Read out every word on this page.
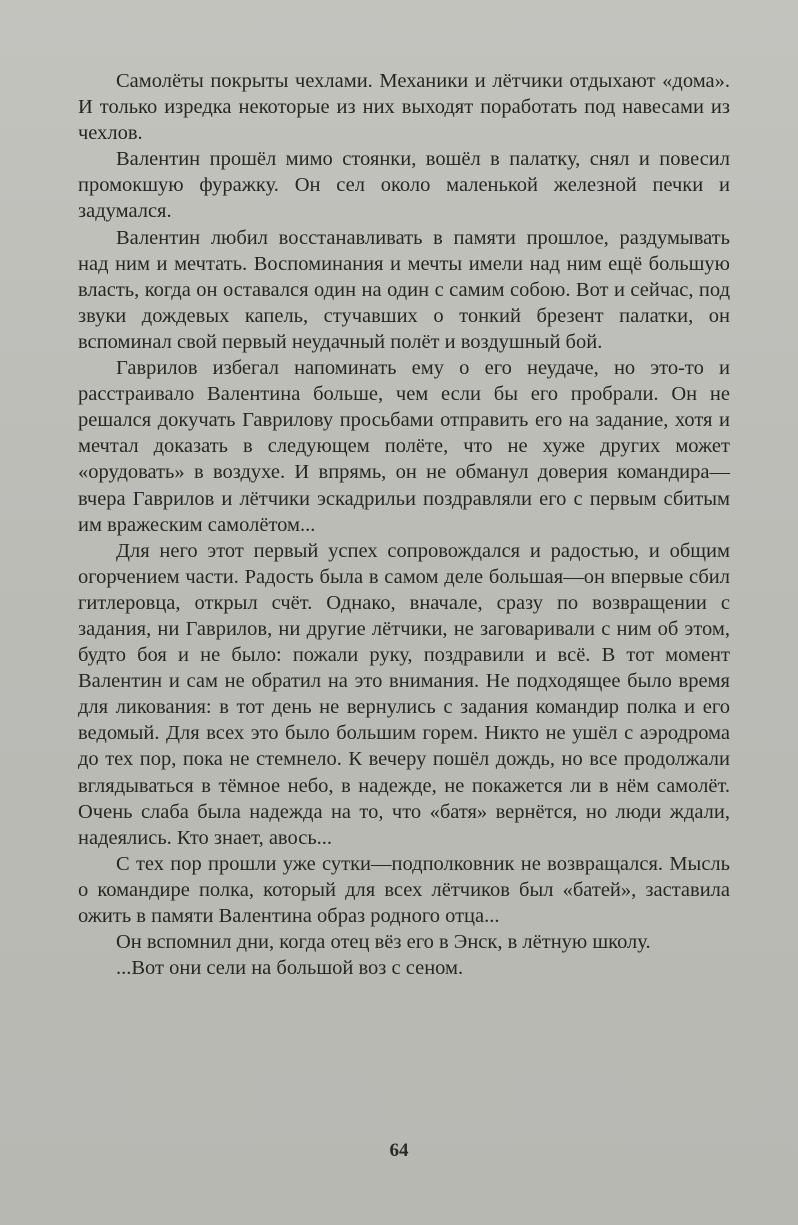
Самолёты покрыты чехлами. Механики и лётчики отдыхают «дома». И только изредка некоторые из них выходят поработать под навесами из чехлов.

Валентин прошёл мимо стоянки, вошёл в палатку, снял и повесил промокшую фуражку. Он сел около маленькой железной печки и задумался.

Валентин любил восстанавливать в памяти прошлое, раздумывать над ним и мечтать. Воспоминания и мечты имели над ним ещё большую власть, когда он оставался один на один с самим собою. Вот и сейчас, под звуки дождевых капель, стучавших о тонкий брезент палатки, он вспоминал свой первый неудачный полёт и воздушный бой.

Гаврилов избегал напоминать ему о его неудаче, но это-то и расстраивало Валентина больше, чем если бы его пробрали. Он не решался докучать Гаврилову просьбами отправить его на задание, хотя и мечтал доказать в следующем полёте, что не хуже других может «орудовать» в воздухе. И впрямь, он не обманул доверия командира—вчера Гаврилов и лётчики эскадрильи поздравляли его с первым сбитым им вражеским самолётом...

Для него этот первый успех сопровождался и радостью, и общим огорчением части. Радость была в самом деле большая—он впервые сбил гитлеровца, открыл счёт. Однако, вначале, сразу по возвращении с задания, ни Гаврилов, ни другие лётчики, не заговаривали с ним об этом, будто боя и не было: пожали руку, поздравили и всё. В тот момент Валентин и сам не обратил на это внимания. Не подходящее было время для ликования: в тот день не вернулись с задания командир полка и его ведомый. Для всех это было большим горем. Никто не ушёл с аэродрома до тех пор, пока не стемнело. К вечеру пошёл дождь, но все продолжали вглядываться в тёмное небо, в надежде, не покажется ли в нём самолёт. Очень слаба была надежда на то, что «батя» вернётся, но люди ждали, надеялись. Кто знает, авось...

С тех пор прошли уже сутки—подполковник не возвращался. Мысль о командире полка, который для всех лётчиков был «батей», заставила ожить в памяти Валентина образ родного отца...

Он вспомнил дни, когда отец вёз его в Энск, в лётную школу.

...Вот они сели на большой воз с сеном.

64
